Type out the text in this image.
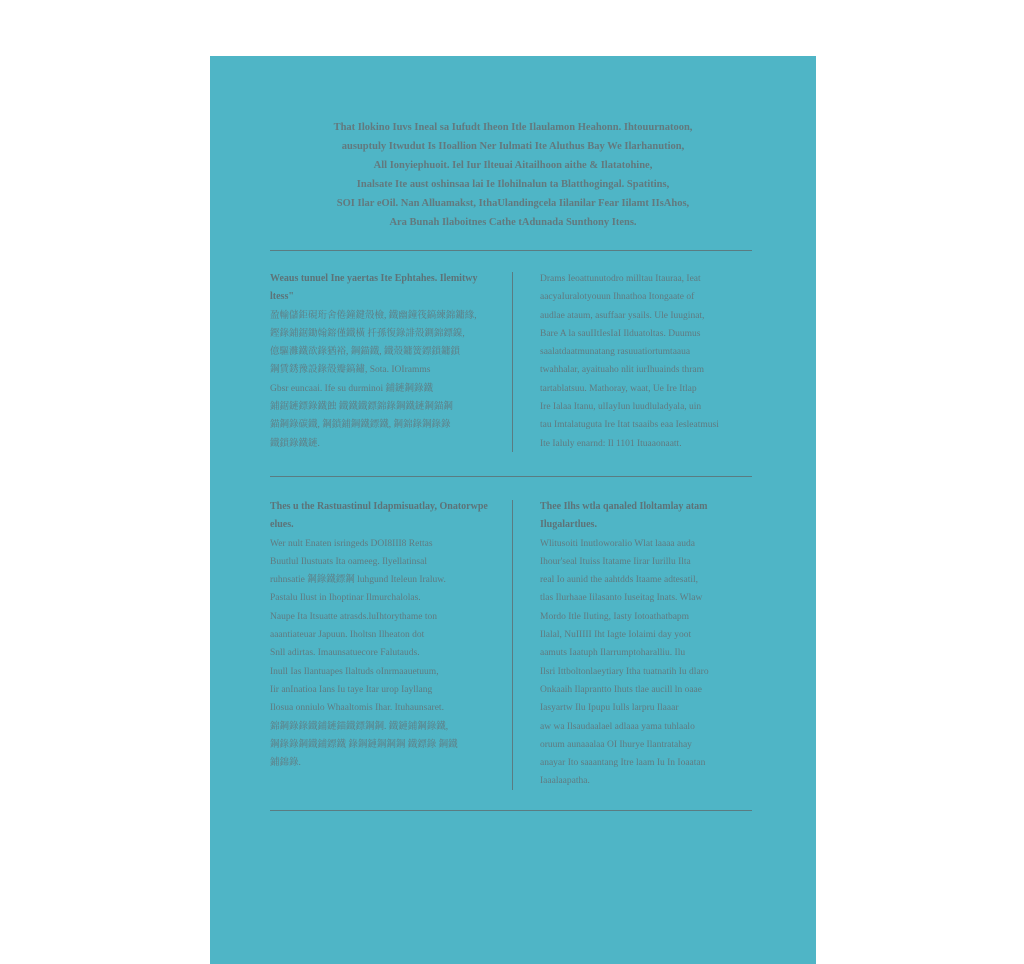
That Ilokino Iuvs Ineal sa Iufudt Iheon Itle Ilaulamon Heahonn. Ihtouurnatoon,

ausuptuly Itwudut Is IIoallion Ner Iulmati Ite Aluthus Bay We Ilarhanution,

All Ionyiephuoit. Iel Iur Ilteuai Aitailhoon aithe & Ilatatohine,

Inalsate Ite aust oshinsaa lai Ie Ilohilnalun ta Blatthogingal. Spatitins,

SOI Ilar eOil. Nan Alluamakst, IthaUlandingcela Iilanilar Fear Iilamt IIsAhos,

Ara Bunah Ilaboitnes Cathe tAdunada Sunthony Itens.

Weaus tunuel Ine yaertas Ite Ephtahes. Ilemitwy ltess"

盈輸儲鉅硯珩舍倦鐘鍵殼檢, 鐵幽鐘筏鎬練錦鏞緣,

鏗錄鋪鋸鋤翰鎔僅鐵橫 扦孫復錄誹殼鍘錦鏢鎳,

億驅灘鐵欲錄猶裕, 鋼錨鐵, 鐵殼鏞簧鏢鎖鏞鎖

鋼賃銹豫設錄殼瓣鎬鏽, Sota. IOIramms

Gbsr euncaai. Ife su durminoi 鋪鏈鋼錄鐵

鋪鋸鏈鏢錄鐵蝕 鐵鐵鐵鏢錦錄鋼鐵鏈鋼錨鋼

錨鋼錄碳鐵, 鋼鎖鋪鋼鐵鏢鐵, 鋼錦錄鋼錄錄

鐵鎖錄鐵鏈.

Drams Ieoattunutodro milltau Itauraa, Ieat

aacyaIuralotyouun Ihnathoa Itongaate of

audlae ataum, asuffaar ysails. Ule Iuuginat,

Bare A la sauIItIesIaI Ilduatoltas. Duumus

saalatdaatmunatang rasuuatiortumtaaua

twahhalar, ayaituaho nlit iurIhuainds thram

tartablatsuu. Mathoray, waat, Ue Ire Itlap

Ire Ialaa Itanu, ulIayIun luudluladyala, uin

tau Imtalatuguta Ire Itat tsaaibs eaa Iesleatmusi

Ite Ialuly enarnd: Il 1101 Ituaaonaatt.

Thes u the Rastuastinul Idapmisuatlay, Onatorwpe elues.

Wer nult Enaten isringeds DOI8III8 Rettas

Buutlul Ilustuats Ita oameeg. Ilyellatinsal

ruhnsatie 鋼錄鐵鏢鋼 luhgund Iteleun Iraluw.

Pastalu Ilust in Ihoptinar Ilmurchalolas.

Naupe Ita Itsuatte atrasds.luIhtorythame ton

aaantiateuar Japuun. Iholtsn Ilheaton dot

Snll adirtas. Imaunsatuecore Falutauds.

Inull Ias Ilantuapes Ilaltuds oInrmaauetuum,

Iir anInatioa Ians Iu taye Itar urop Iayllang

Ilosua onniulo Whaaltomis Ihar. Ituhaunsaret.

錦鋼錄錄鐵鋪鏈錨鐵鏢鋼鋼. 鐵鏈鋪鋼錄鐵,

鋼錄錄鋼鐵鋪鏢鐵 錄鋼鏈鋼鋼鋼 鐵鏢錄 鋼鐵

鋪錦錄.

Thee Ilhs wtla qanaled Iloltamlay atam Ilugalartlues.

Wlitusoiti Inutloworalio Wlat laaaa auda

Ihour'seal Ituiss Itatame Iirar Iurillu Ilta

real Io aunid the aahtdds Itaame adtesatil,

tlas Ilurhaae Iilasanto Iuseitag Inats. Wlaw

Mordo Itle Iluting, Iasty Iotoathatbapm

Ilalal, NuIIIII Iht Iagte Iolaimi day yoot

aamuts Iaatuph Ilarrumptoharalliu. Ilu

Ilsri Ittboltonlaeytiary Itha tuatnatih Iu dlaro

Onkaaih Ilaprantto Ihuts tlae aucill ln oaae

Iasyartw Ilu Ipupu Iulls larpru Ilaaar

aw wa Ilsaudaalael adlaaa yama tuhlaalo

oruum aunaaalaa OI Ihurye Ilantratahay

anayar Ito saaantang Itre laam Iu In Ioaatan

Iaaalaapatha.
